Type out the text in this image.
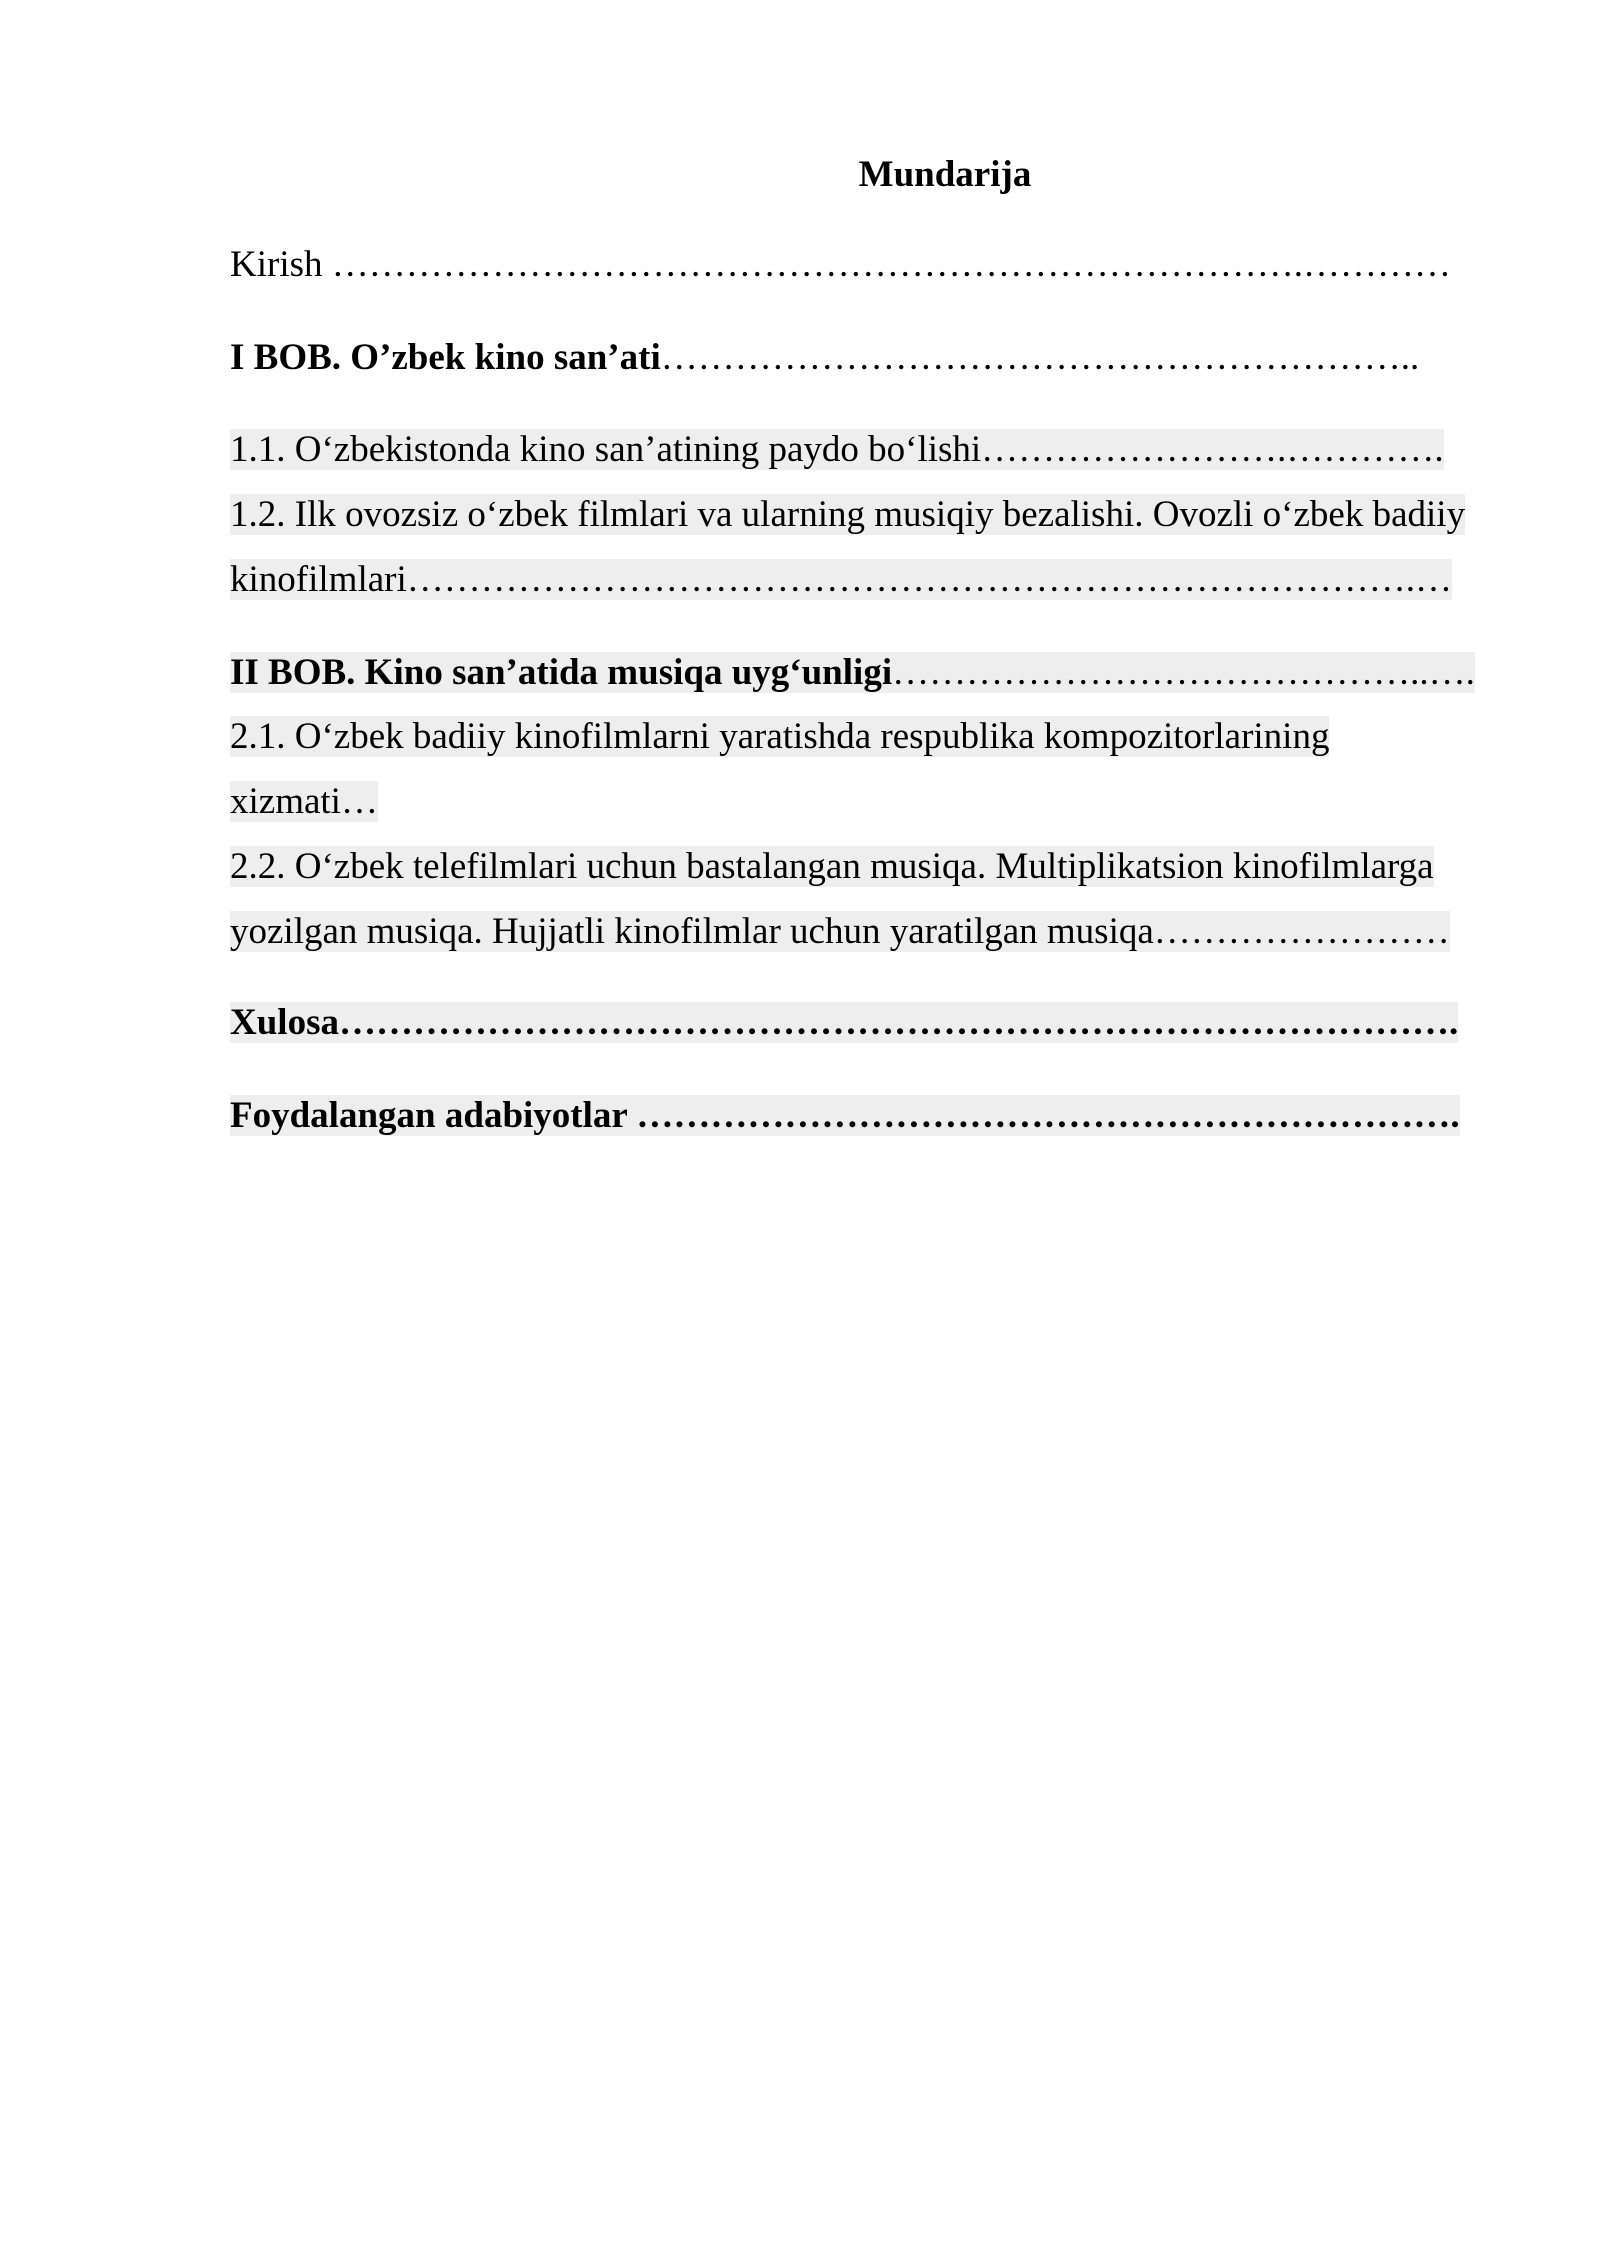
Mundarija
Kirish …………………………………………………………………….…………
I BOB. O’zbek kino san’ati……………………………………………………..
1.1. O‘zbekistonda kino san’atining paydo bo‘lishi…………………….………….
1.2. Ilk ovozsiz o‘zbek filmlari va ularning musiqiy bezalishi. Ovozli o‘zbek badiiy
kinofilmlari……………………………………………………………………….…
II BOB. Kino san’atida musiqa uyg‘unligi……………………………………..….
2.1. O‘zbek badiiy kinofilmlarni yaratishda respublika kompozitorlarining
xizmati…
2.2. O‘zbek telefilmlari uchun bastalangan musiqa. Multiplikatsion kinofilmlarga
yozilgan musiqa. Hujjatli kinofilmlar uchun yaratilgan musiqa……………………
Xulosa……………………………………………………………………………….
Foydalangan adabiyotlar ………………………………………………………….
